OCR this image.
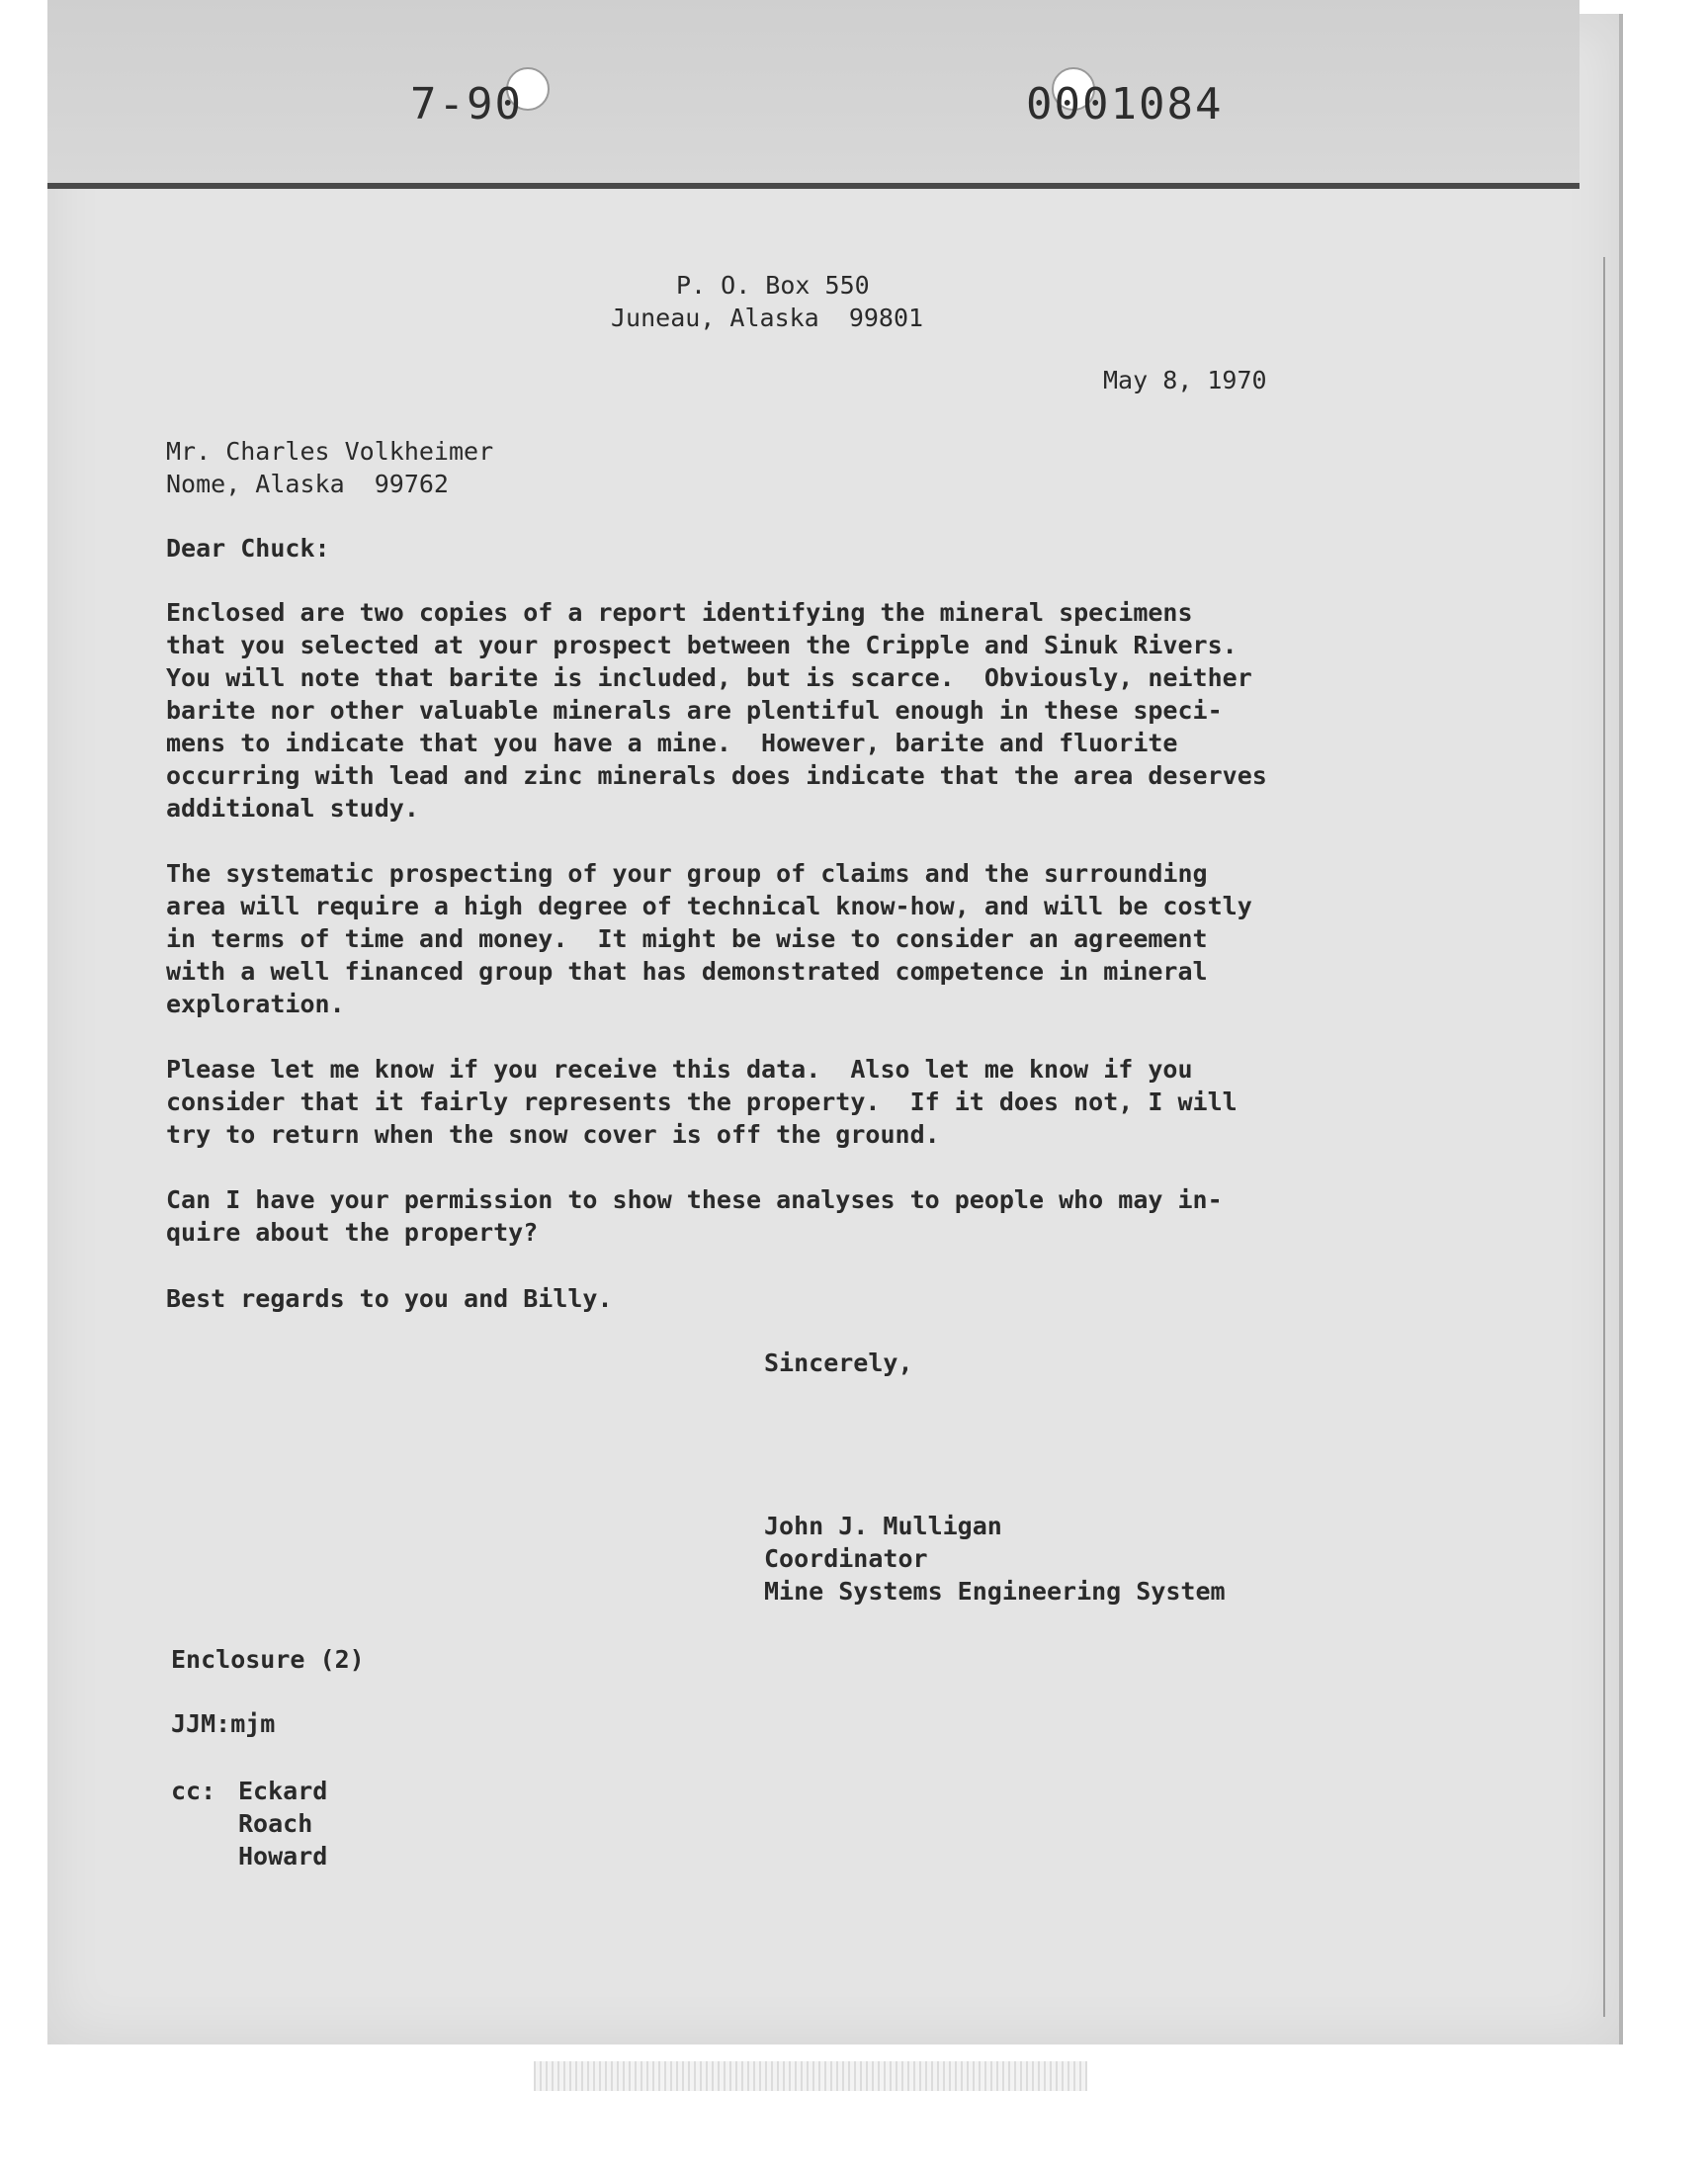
7-90	0001084
P. O. Box 550
Juneau, Alaska  99801
May 8, 1970
Mr. Charles Volkheimer
Nome, Alaska  99762
Dear Chuck:
Enclosed are two copies of a report identifying the mineral specimens
that you selected at your prospect between the Cripple and Sinuk Rivers.
You will note that barite is included, but is scarce.  Obviously, neither
barite nor other valuable minerals are plentiful enough in these speci-
mens to indicate that you have a mine.  However, barite and fluorite
occurring with lead and zinc minerals does indicate that the area deserves
additional study.
The systematic prospecting of your group of claims and the surrounding
area will require a high degree of technical know-how, and will be costly
in terms of time and money.  It might be wise to consider an agreement
with a well financed group that has demonstrated competence in mineral
exploration.
Please let me know if you receive this data.  Also let me know if you
consider that it fairly represents the property.  If it does not, I will
try to return when the snow cover is off the ground.
Can I have your permission to show these analyses to people who may in-
quire about the property?
Best regards to you and Billy.
Sincerely,
John J. Mulligan
Coordinator
Mine Systems Engineering System
Enclosure (2)
JJM:mjm
cc: Eckard
Roach
Howard
